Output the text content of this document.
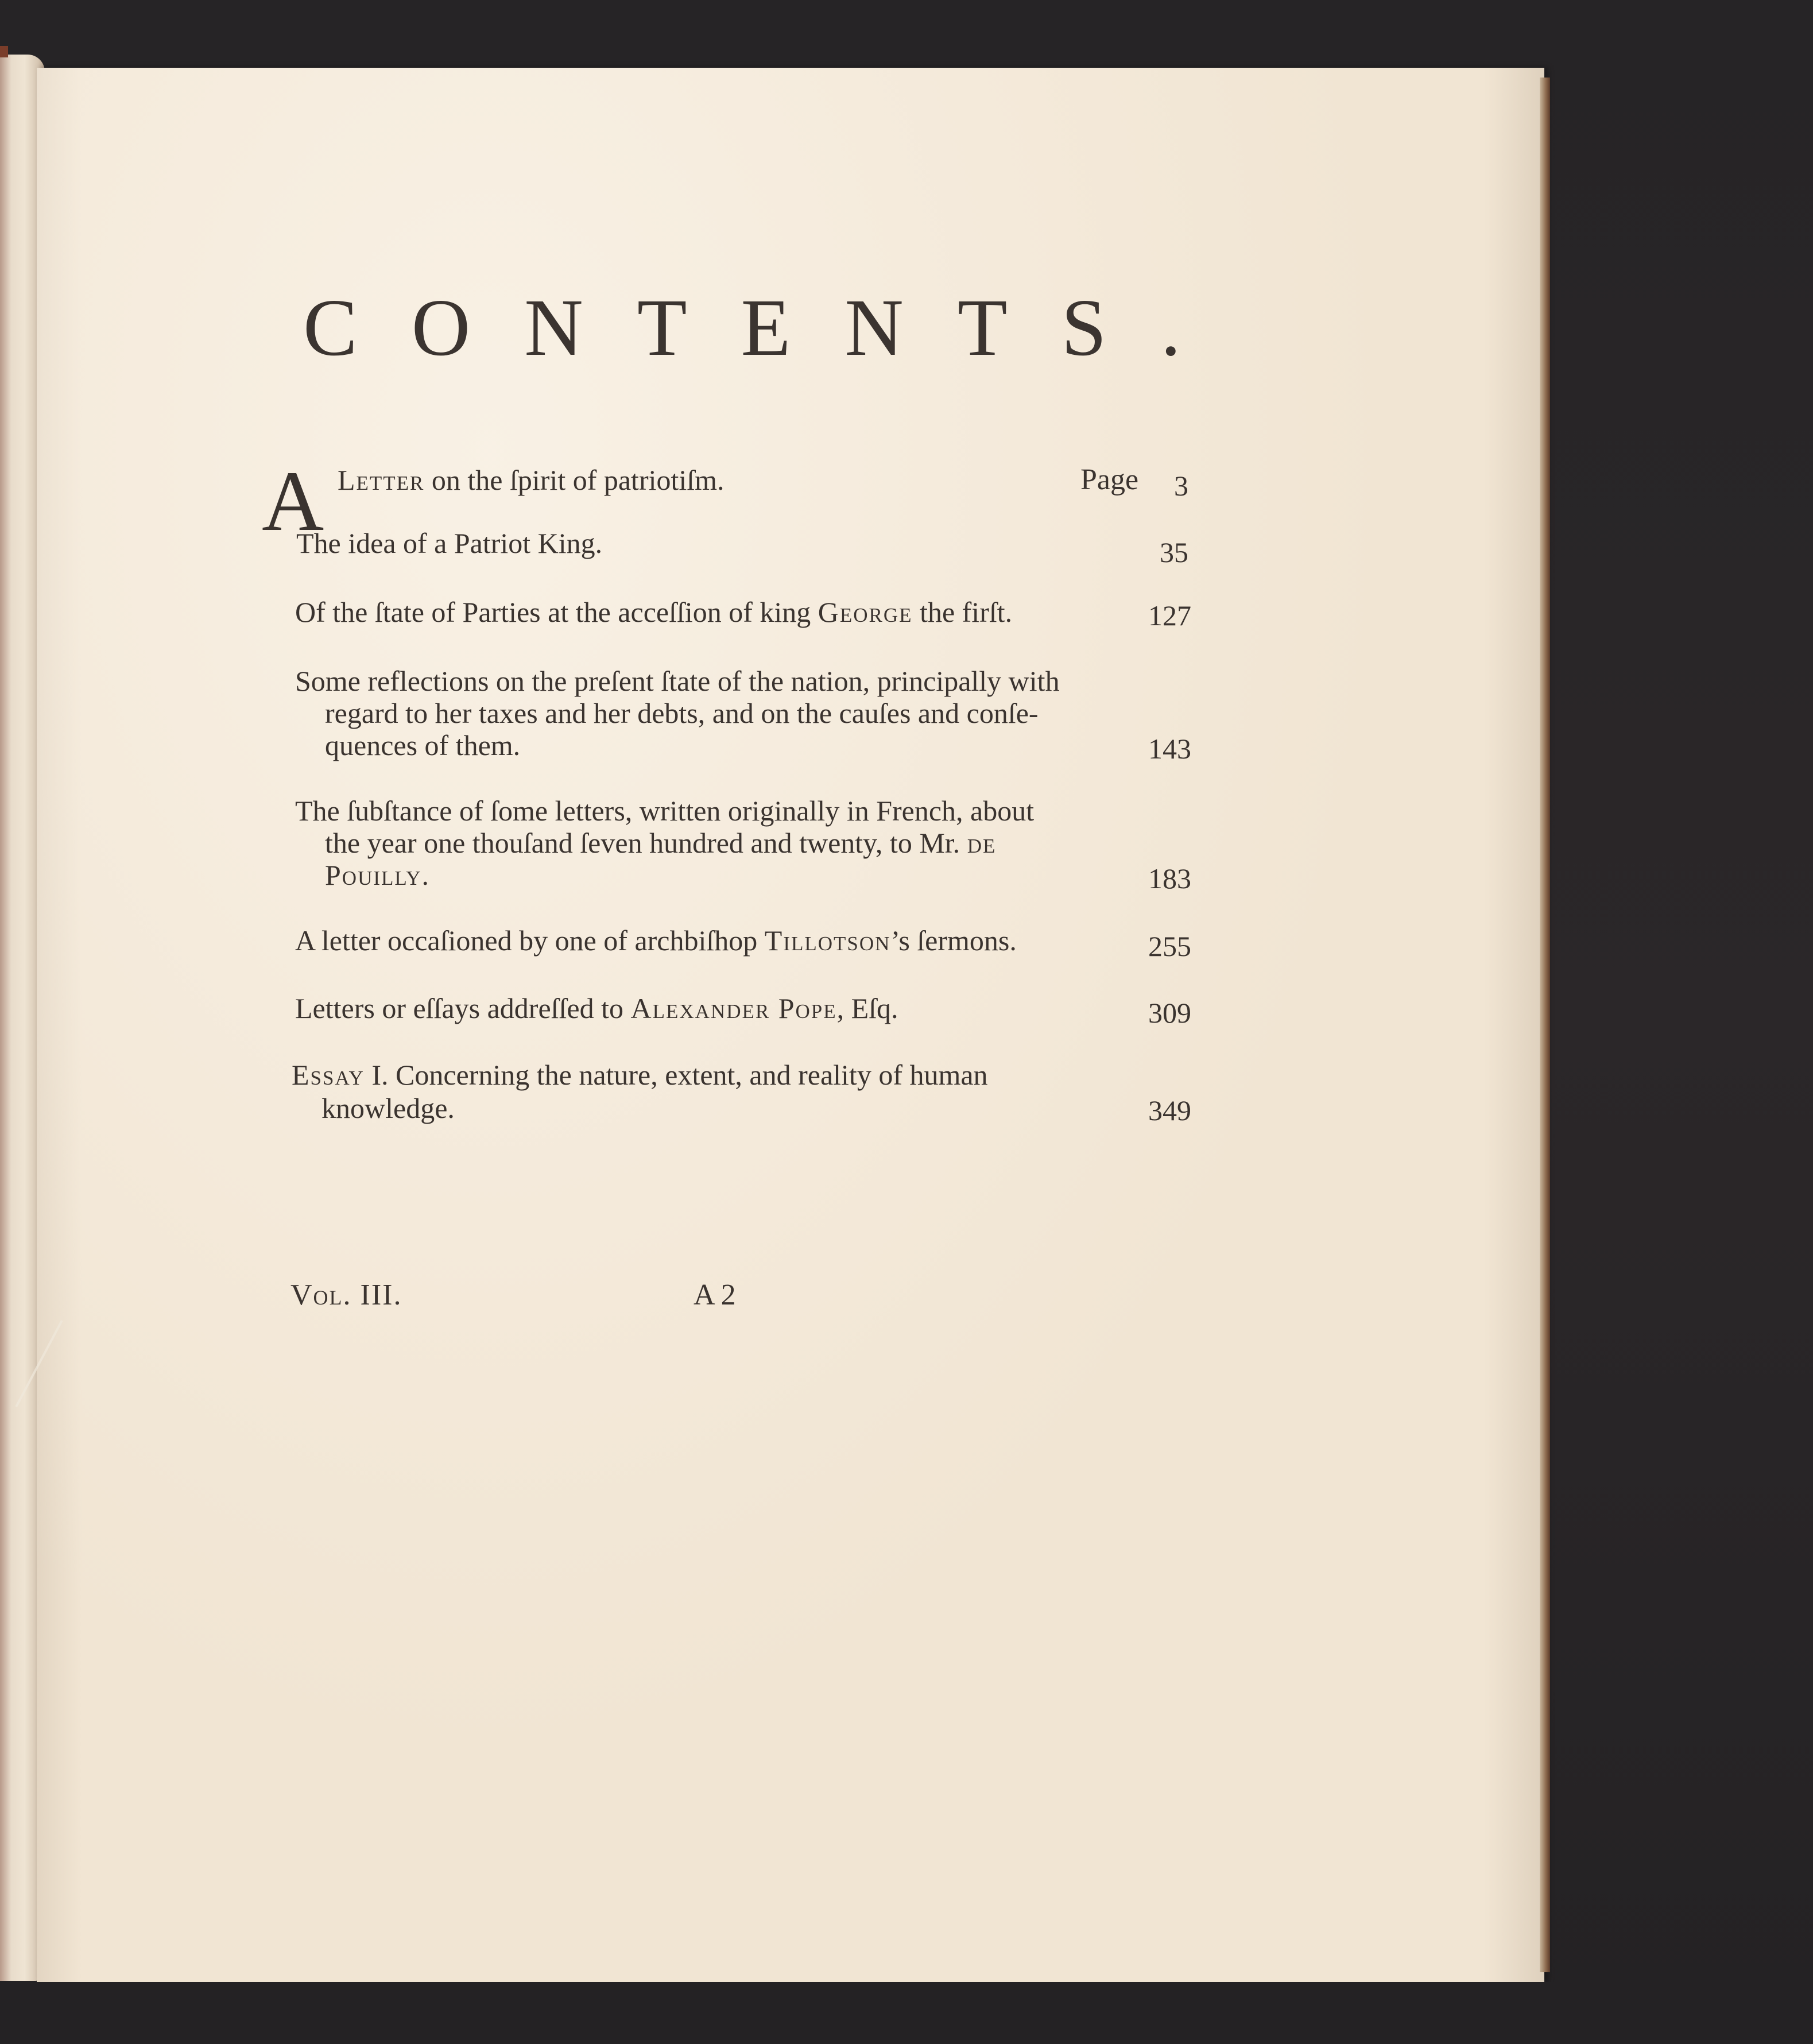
CONTENTS.
A Letter on the ſpirit of patriotiſm.	Page	3
The idea of a Patriot King.	35
Of the ſtate of Parties at the acceſſion of king George the firſt.	127
Some reflections on the preſent ſtate of the nation, principally with
regard to her taxes and her debts, and on the cauſes and conſe-
quences of them.	143
The ſubſtance of ſome letters, written originally in French, about
the year one thouſand ſeven hundred and twenty, to Mr. de
Pouilly.	183
A letter occaſioned by one of archbiſhop Tillotson’s ſermons.	255
Letters or eſſays addreſſed to Alexander Pope, Eſq.	309
Essay I. Concerning the nature, extent, and reality of human
knowledge.	349
Vol. III.	A 2
